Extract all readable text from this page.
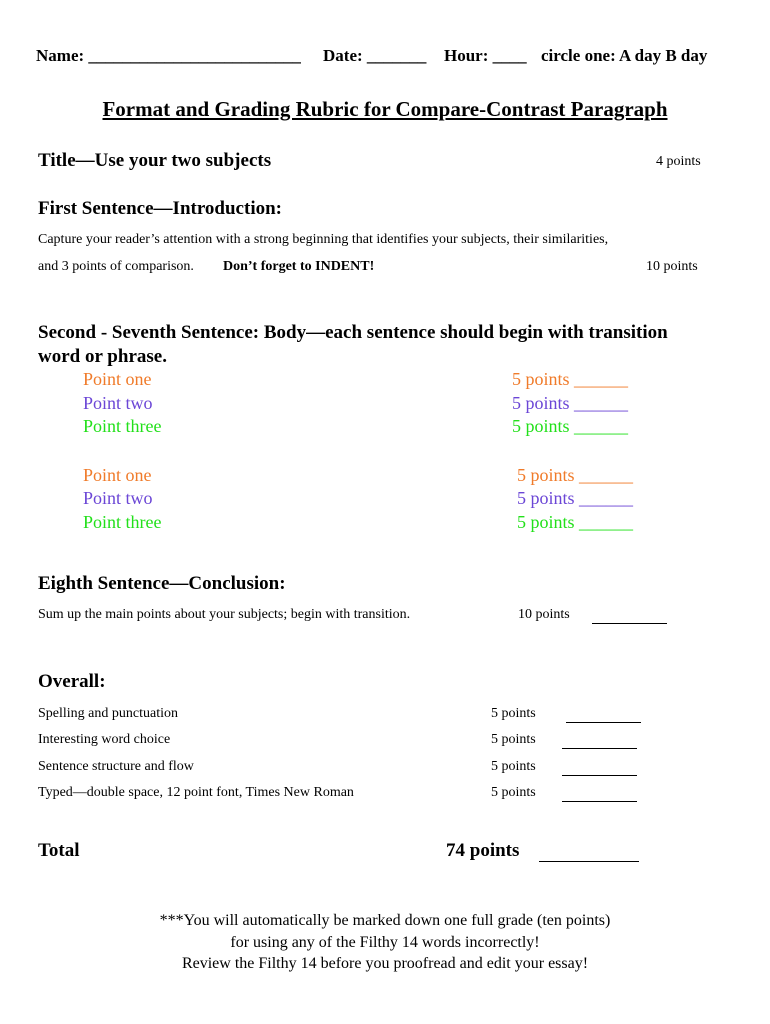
Name: _________________________ Date: _______ Hour: ____ circle one: A day B day
Format and Grading Rubric for Compare-Contrast Paragraph
Title—Use your two subjects	4 points
First Sentence—Introduction:
Capture your reader’s attention with a strong beginning that identifies your subjects, their similarities,
and 3 points of comparison. Don’t forget to INDENT!	10 points
Second - Seventh Sentence: Body—each sentence should begin with transition
word or phrase.
Point one	5 points ______
Point two	5 points ______
Point three	5 points ______
Point one	5 points ______
Point two	5 points ______
Point three	5 points ______
Eighth Sentence—Conclusion:
Sum up the main points about your subjects; begin with transition.	10 points
Overall:
Spelling and punctuation	5 points
Interesting word choice	5 points
Sentence structure and flow	5 points
Typed—double space, 12 point font, Times New Roman	5 points
Total	74 points
***You will automatically be marked down one full grade (ten points)
for using any of the Filthy 14 words incorrectly!
Review the Filthy 14 before you proofread and edit your essay!
